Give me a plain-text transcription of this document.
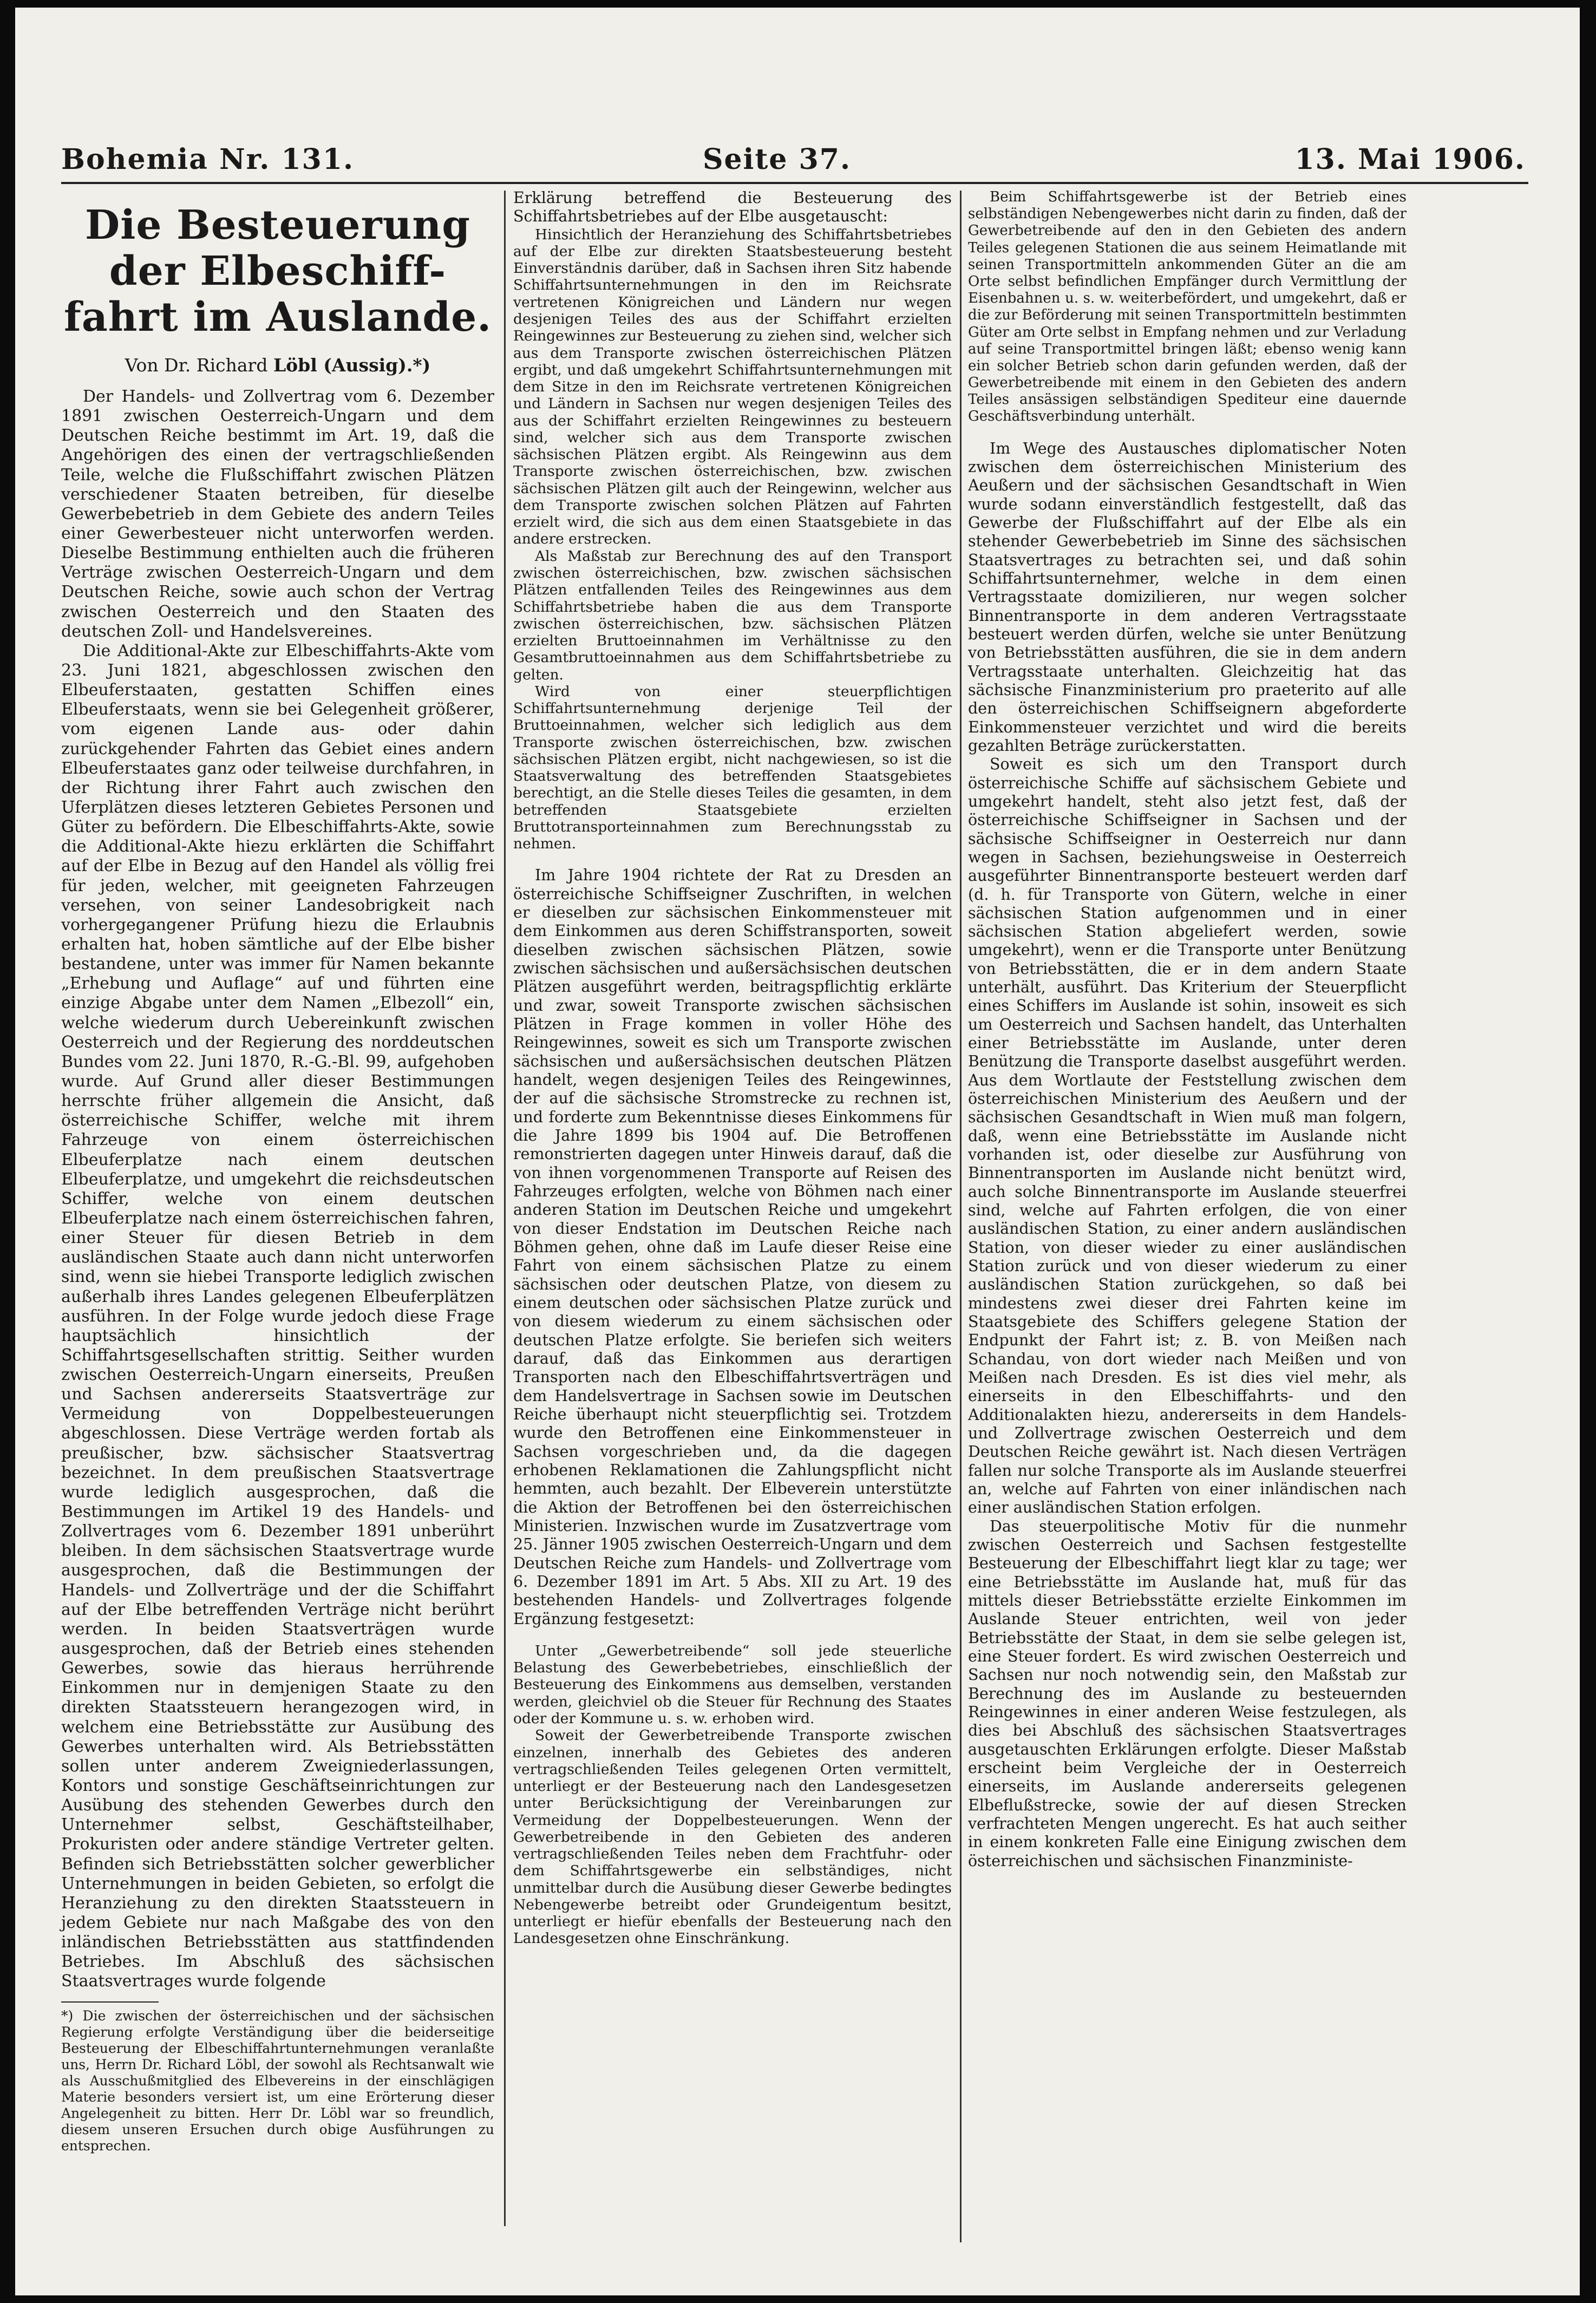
Bohemia Nr. 131.	Seite 37.	13. Mai 1906.
Die Besteuerung der Elbeschiff-fahrt im Auslande.
Von Dr. Richard Löbl (Aussig).*)

Der Handels- und Zollvertrag vom 6. Dezember 1891 zwischen Oesterreich-Ungarn und dem Deutschen Reiche bestimmt im Art. 19, daß die Angehörigen des einen der vertragschließenden Teile, welche die Flußschiffahrt zwischen Plätzen verschiedener Staaten betreiben, für dieselbe Gewerbebetrieb in dem Gebiete des andern Teiles einer Gewerbesteuer nicht unterworfen werden. Dieselbe Bestimmung enthielten auch die früheren Verträge zwischen Oesterreich-Ungarn und dem Deutschen Reiche, sowie auch schon der Vertrag zwischen Oesterreich und den Staaten des deutschen Zoll- und Handelsvereines.

Die Additional-Akte zur Elbeschiffahrts-Akte vom 23. Juni 1821, abgeschlossen zwischen den Elbeuferstaaten, gestatten Schiffen eines Elbeuferstaats, wenn sie bei Gelegenheit größerer, vom eigenen Lande aus- oder dahin zurückgehender Fahrten das Gebiet eines andern Elbeuferstaates ganz oder teilweise durchfahren, in der Richtung ihrer Fahrt auch zwischen den Uferplätzen dieses letzteren Gebietes Personen und Güter zu befördern. Die Elbeschiffahrts-Akte, sowie die Additional-Akte hiezu erklärten die Schiffahrt auf der Elbe in Bezug auf den Handel als völlig frei für jeden, welcher, mit geeigneten Fahrzeugen versehen, von seiner Landesobrigkeit nach vorhergegangener Prüfung hiezu die Erlaubnis erhalten hat, hoben sämtliche auf der Elbe bisher bestandene, unter was immer für Namen bekannte „Erhebung und Auflage“ auf und führten eine einzige Abgabe unter dem Namen „Elbezoll“ ein, welche wiederum durch Uebereinkunft zwischen Oesterreich und der Regierung des norddeutschen Bundes vom 22. Juni 1870, R.-G.-Bl. 99, aufgehoben wurde. Auf Grund aller dieser Bestimmungen herrschte früher allgemein die Ansicht, daß österreichische Schiffer, welche mit ihrem Fahrzeuge von einem österreichischen Elbeuferplatze nach einem deutschen Elbeuferplatze, und umgekehrt die reichsdeutschen Schiffer, welche von einem deutschen Elbeuferplatze nach einem österreichischen fahren, einer Steuer für diesen Betrieb in dem ausländischen Staate auch dann nicht unterworfen sind, wenn sie hiebei Transporte lediglich zwischen außerhalb ihres Landes gelegenen Elbeuferplätzen ausführen. In der Folge wurde jedoch diese Frage hauptsächlich hinsichtlich der Schiffahrtsgesellschaften strittig. Seither wurden zwischen Oesterreich-Ungarn einerseits, Preußen und Sachsen andererseits Staatsverträge zur Vermeidung von Doppelbesteuerungen abgeschlossen. Diese Verträge werden fortab als preußischer, bzw. sächsischer Staatsvertrag bezeichnet. In dem preußischen Staatsvertrage wurde lediglich ausgesprochen, daß die Bestimmungen im Artikel 19 des Handels- und Zollvertrages vom 6. Dezember 1891 unberührt bleiben. In dem sächsischen Staatsvertrage wurde ausgesprochen, daß die Bestimmungen der Handels- und Zollverträge und der die Schiffahrt auf der Elbe betreffenden Verträge nicht berührt werden. In beiden Staatsverträgen wurde ausgesprochen, daß der Betrieb eines stehenden Gewerbes, sowie das hieraus herrührende Einkommen nur in demjenigen Staate zu den direkten Staatssteuern herangezogen wird, in welchem eine Betriebsstätte zur Ausübung des Gewerbes unterhalten wird. Als Betriebsstätten sollen unter anderem Zweigniederlassungen, Kontors und sonstige Geschäftseinrichtungen zur Ausübung des stehenden Gewerbes durch den Unternehmer selbst, Geschäftsteilhaber, Prokuristen oder andere ständige Vertreter gelten. Befinden sich Betriebsstätten solcher gewerblicher Unternehmungen in beiden Gebieten, so erfolgt die Heranziehung zu den direkten Staatssteuern in jedem Gebiete nur nach Maßgabe des von den inländischen Betriebsstätten aus stattfindenden Betriebes. Im Abschluß des sächsischen Staatsvertrages wurde folgende

*) Die zwischen der österreichischen und der sächsischen Regierung erfolgte Verständigung über die beiderseitige Besteuerung der Elbeschiffahrtunternehmungen veranlaßte uns, Herrn Dr. Richard Löbl, der sowohl als Rechtsanwalt wie als Ausschußmitglied des Elbevereins in der einschlägigen Materie besonders versiert ist, um eine Erörterung dieser Angelegenheit zu bitten. Herr Dr. Löbl war so freundlich, diesem unseren Ersuchen durch obige Ausführungen zu entsprechen.

Erklärung betreffend die Besteuerung des Schiffahrtsbetriebes auf der Elbe ausgetauscht:

Hinsichtlich der Heranziehung des Schiffahrtsbetriebes auf der Elbe zur direkten Staatsbesteuerung besteht Einverständnis darüber, daß in Sachsen ihren Sitz habende Schiffahrtsunternehmungen in den im Reichsrate vertretenen Königreichen und Ländern nur wegen desjenigen Teiles des aus der Schiffahrt erzielten Reingewinnes zur Besteuerung zu ziehen sind, welcher sich aus dem Transporte zwischen österreichischen Plätzen ergibt, und daß umgekehrt Schiffahrtsunternehmungen mit dem Sitze in den im Reichsrate vertretenen Königreichen und Ländern in Sachsen nur wegen desjenigen Teiles des aus der Schiffahrt erzielten Reingewinnes zu besteuern sind, welcher sich aus dem Transporte zwischen sächsischen Plätzen ergibt. Als Reingewinn aus dem Transporte zwischen österreichischen, bzw. zwischen sächsischen Plätzen gilt auch der Reingewinn, welcher aus dem Transporte zwischen solchen Plätzen auf Fahrten erzielt wird, die sich aus dem einen Staatsgebiete in das andere erstrecken.

Als Maßstab zur Berechnung des auf den Transport zwischen österreichischen, bzw. zwischen sächsischen Plätzen entfallenden Teiles des Reingewinnes aus dem Schiffahrtsbetriebe haben die aus dem Transporte zwischen österreichischen, bzw. sächsischen Plätzen erzielten Bruttoeinnahmen im Verhältnisse zu den Gesamtbruttoeinnahmen aus dem Schiffahrtsbetriebe zu gelten.

Wird von einer steuerpflichtigen Schiffahrtsunternehmung derjenige Teil der Bruttoeinnahmen, welcher sich lediglich aus dem Transporte zwischen österreichischen, bzw. zwischen sächsischen Plätzen ergibt, nicht nachgewiesen, so ist die Staatsverwaltung des betreffenden Staatsgebietes berechtigt, an die Stelle dieses Teiles die gesamten, in dem betreffenden Staatsgebiete erzielten Bruttotransporteinnahmen zum Berechnungsstab zu nehmen.

Im Jahre 1904 richtete der Rat zu Dresden an österreichische Schiffseigner Zuschriften, in welchen er dieselben zur sächsischen Einkommensteuer mit dem Einkommen aus deren Schiffstransporten, soweit dieselben zwischen sächsischen Plätzen, sowie zwischen sächsischen und außersächsischen deutschen Plätzen ausgeführt werden, beitragspflichtig erklärte und zwar, soweit Transporte zwischen sächsischen Plätzen in Frage kommen in voller Höhe des Reingewinnes, soweit es sich um Transporte zwischen sächsischen und außersächsischen deutschen Plätzen handelt, wegen desjenigen Teiles des Reingewinnes, der auf die sächsische Stromstrecke zu rechnen ist, und forderte zum Bekenntnisse dieses Einkommens für die Jahre 1899 bis 1904 auf. Die Betroffenen remonstrierten dagegen unter Hinweis darauf, daß die von ihnen vorgenommenen Transporte auf Reisen des Fahrzeuges erfolgten, welche von Böhmen nach einer anderen Station im Deutschen Reiche und umgekehrt von dieser Endstation im Deutschen Reiche nach Böhmen gehen, ohne daß im Laufe dieser Reise eine Fahrt von einem sächsischen Platze zu einem sächsischen oder deutschen Platze, von diesem zu einem deutschen oder sächsischen Platze zurück und von diesem wiederum zu einem sächsischen oder deutschen Platze erfolgte. Sie beriefen sich weiters darauf, daß das Einkommen aus derartigen Transporten nach den Elbeschiffahrtsverträgen und dem Handelsvertrage in Sachsen sowie im Deutschen Reiche überhaupt nicht steuerpflichtig sei. Trotzdem wurde den Betroffenen eine Einkommensteuer in Sachsen vorgeschrieben und, da die dagegen erhobenen Reklamationen die Zahlungspflicht nicht hemmten, auch bezahlt. Der Elbeverein unterstützte die Aktion der Betroffenen bei den österreichischen Ministerien. Inzwischen wurde im Zusatzvertrage vom 25. Jänner 1905 zwischen Oesterreich-Ungarn und dem Deutschen Reiche zum Handels- und Zollvertrage vom 6. Dezember 1891 im Art. 5 Abs. XII zu Art. 19 des bestehenden Handels- und Zollvertrages folgende Ergänzung festgesetzt:

Unter „Gewerbetreibende“ soll jede steuerliche Belastung des Gewerbebetriebes, einschließlich der Besteuerung des Einkommens aus demselben, verstanden werden, gleichviel ob die Steuer für Rechnung des Staates oder der Kommune u. s. w. erhoben wird.

Soweit der Gewerbetreibende Transporte zwischen einzelnen, innerhalb des Gebietes des anderen vertragschließenden Teiles gelegenen Orten vermittelt, unterliegt er der Besteuerung nach den Landesgesetzen unter Berücksichtigung der Vereinbarungen zur Vermeidung der Doppelbesteuerungen. Wenn der Gewerbetreibende in den Gebieten des anderen vertragschließenden Teiles neben dem Frachtfuhr- oder dem Schiffahrtsgewerbe ein selbständiges, nicht unmittelbar durch die Ausübung dieser Gewerbe bedingtes Nebengewerbe betreibt oder Grundeigentum besitzt, unterliegt er hiefür ebenfalls der Besteuerung nach den Landesgesetzen ohne Einschränkung.

Beim Schiffahrtsgewerbe ist der Betrieb eines selbständigen Nebengewerbes nicht darin zu finden, daß der Gewerbetreibende auf den in den Gebieten des andern Teiles gelegenen Stationen die aus seinem Heimatlande mit seinen Transportmitteln ankommenden Güter an die am Orte selbst befindlichen Empfänger durch Vermittlung der Eisenbahnen u. s. w. weiterbefördert, und umgekehrt, daß er die zur Beförderung mit seinen Transportmitteln bestimmten Güter am Orte selbst in Empfang nehmen und zur Verladung auf seine Transportmittel bringen läßt; ebenso wenig kann ein solcher Betrieb schon darin gefunden werden, daß der Gewerbetreibende mit einem in den Gebieten des andern Teiles ansässigen selbständigen Spediteur eine dauernde Geschäftsverbindung unterhält.

Im Wege des Austausches diplomatischer Noten zwischen dem österreichischen Ministerium des Aeußern und der sächsischen Gesandtschaft in Wien wurde sodann einverständlich festgestellt, daß das Gewerbe der Flußschiffahrt auf der Elbe als ein stehender Gewerbebetrieb im Sinne des sächsischen Staatsvertrages zu betrachten sei, und daß sohin Schiffahrtsunternehmer, welche in dem einen Vertragsstaate domizilieren, nur wegen solcher Binnentransporte in dem anderen Vertragsstaate besteuert werden dürfen, welche sie unter Benützung von Betriebsstätten ausführen, die sie in dem andern Vertragsstaate unterhalten. Gleichzeitig hat das sächsische Finanzministerium pro praeterito auf alle den österreichischen Schiffseignern abgeforderte Einkommensteuer verzichtet und wird die bereits gezahlten Beträge zurückerstatten.

Soweit es sich um den Transport durch österreichische Schiffe auf sächsischem Gebiete und umgekehrt handelt, steht also jetzt fest, daß der österreichische Schiffseigner in Sachsen und der sächsische Schiffseigner in Oesterreich nur dann wegen in Sachsen, beziehungsweise in Oesterreich ausgeführter Binnentransporte besteuert werden darf (d. h. für Transporte von Gütern, welche in einer sächsischen Station aufgenommen und in einer sächsischen Station abgeliefert werden, sowie umgekehrt), wenn er die Transporte unter Benützung von Betriebsstätten, die er in dem andern Staate unterhält, ausführt. Das Kriterium der Steuerpflicht eines Schiffers im Auslande ist sohin, insoweit es sich um Oesterreich und Sachsen handelt, das Unterhalten einer Betriebsstätte im Auslande, unter deren Benützung die Transporte daselbst ausgeführt werden. Aus dem Wortlaute der Feststellung zwischen dem österreichischen Ministerium des Aeußern und der sächsischen Gesandtschaft in Wien muß man folgern, daß, wenn eine Betriebsstätte im Auslande nicht vorhanden ist, oder dieselbe zur Ausführung von Binnentransporten im Auslande nicht benützt wird, auch solche Binnentransporte im Auslande steuerfrei sind, welche auf Fahrten erfolgen, die von einer ausländischen Station, zu einer andern ausländischen Station, von dieser wieder zu einer ausländischen Station zurück und von dieser wiederum zu einer ausländischen Station zurückgehen, so daß bei mindestens zwei dieser drei Fahrten keine im Staatsgebiete des Schiffers gelegene Station der Endpunkt der Fahrt ist; z. B. von Meißen nach Schandau, von dort wieder nach Meißen und von Meißen nach Dresden. Es ist dies viel mehr, als einerseits in den Elbeschiffahrts- und den Additionalakten hiezu, andererseits in dem Handels- und Zollvertrage zwischen Oesterreich und dem Deutschen Reiche gewährt ist. Nach diesen Verträgen fallen nur solche Transporte als im Auslande steuerfrei an, welche auf Fahrten von einer inländischen nach einer ausländischen Station erfolgen.

Das steuerpolitische Motiv für die nunmehr zwischen Oesterreich und Sachsen festgestellte Besteuerung der Elbeschiffahrt liegt klar zu tage; wer eine Betriebsstätte im Auslande hat, muß für das mittels dieser Betriebsstätte erzielte Einkommen im Auslande Steuer entrichten, weil von jeder Betriebsstätte der Staat, in dem sie selbe gelegen ist, eine Steuer fordert. Es wird zwischen Oesterreich und Sachsen nur noch notwendig sein, den Maßstab zur Berechnung des im Auslande zu besteuernden Reingewinnes in einer anderen Weise festzulegen, als dies bei Abschluß des sächsischen Staatsvertrages ausgetauschten Erklärungen erfolgte. Dieser Maßstab erscheint beim Vergleiche der in Oesterreich einerseits, im Auslande andererseits gelegenen Elbeflußstrecke, sowie der auf diesen Strecken verfrachteten Mengen ungerecht. Es hat auch seither in einem konkreten Falle eine Einigung zwischen dem österreichischen und sächsischen Finanzministe-
